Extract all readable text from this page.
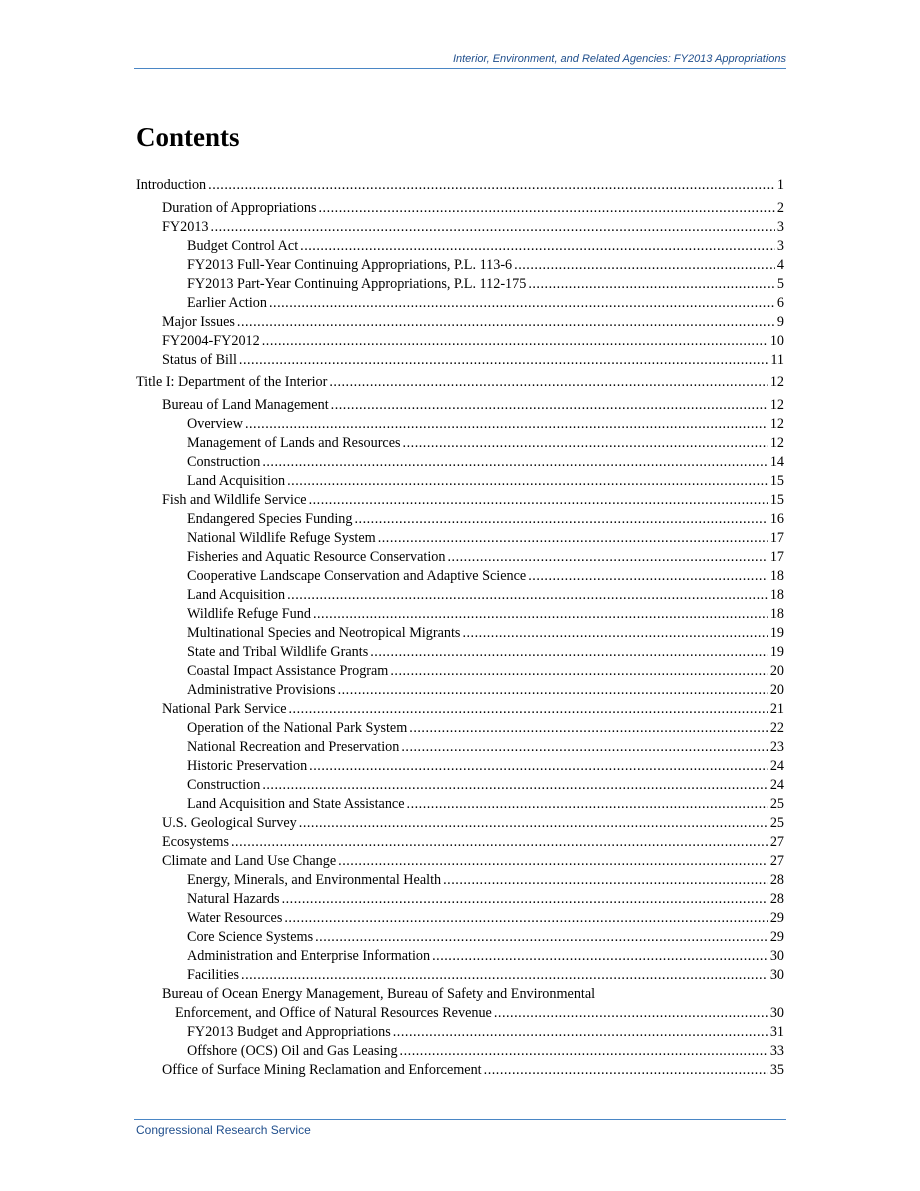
Interior, Environment, and Related Agencies: FY2013 Appropriations
Contents
Introduction .....	1
Duration of Appropriations .....	2
FY2013 .....	3
Budget Control Act .....	3
FY2013 Full-Year Continuing Appropriations, P.L. 113-6 .....	4
FY2013 Part-Year Continuing Appropriations, P.L. 112-175 .....	5
Earlier Action .....	6
Major Issues .....	9
FY2004-FY2012 .....	10
Status of Bill .....	11
Title I: Department of the Interior .....	12
Bureau of Land Management .....	12
Overview .....	12
Management of Lands and Resources .....	12
Construction .....	14
Land Acquisition .....	15
Fish and Wildlife Service .....	15
Endangered Species Funding .....	16
National Wildlife Refuge System .....	17
Fisheries and Aquatic Resource Conservation .....	17
Cooperative Landscape Conservation and Adaptive Science .....	18
Land Acquisition .....	18
Wildlife Refuge Fund .....	18
Multinational Species and Neotropical Migrants .....	19
State and Tribal Wildlife Grants .....	19
Coastal Impact Assistance Program .....	20
Administrative Provisions .....	20
National Park Service .....	21
Operation of the National Park System .....	22
National Recreation and Preservation .....	23
Historic Preservation .....	24
Construction .....	24
Land Acquisition and State Assistance .....	25
U.S. Geological Survey .....	25
Ecosystems .....	27
Climate and Land Use Change .....	27
Energy, Minerals, and Environmental Health .....	28
Natural Hazards .....	28
Water Resources .....	29
Core Science Systems .....	29
Administration and Enterprise Information .....	30
Facilities .....	30
Bureau of Ocean Energy Management, Bureau of Safety and Environmental
Enforcement, and Office of Natural Resources Revenue .....	30
FY2013 Budget and Appropriations .....	31
Offshore (OCS) Oil and Gas Leasing .....	33
Office of Surface Mining Reclamation and Enforcement .....	35
Congressional Research Service
